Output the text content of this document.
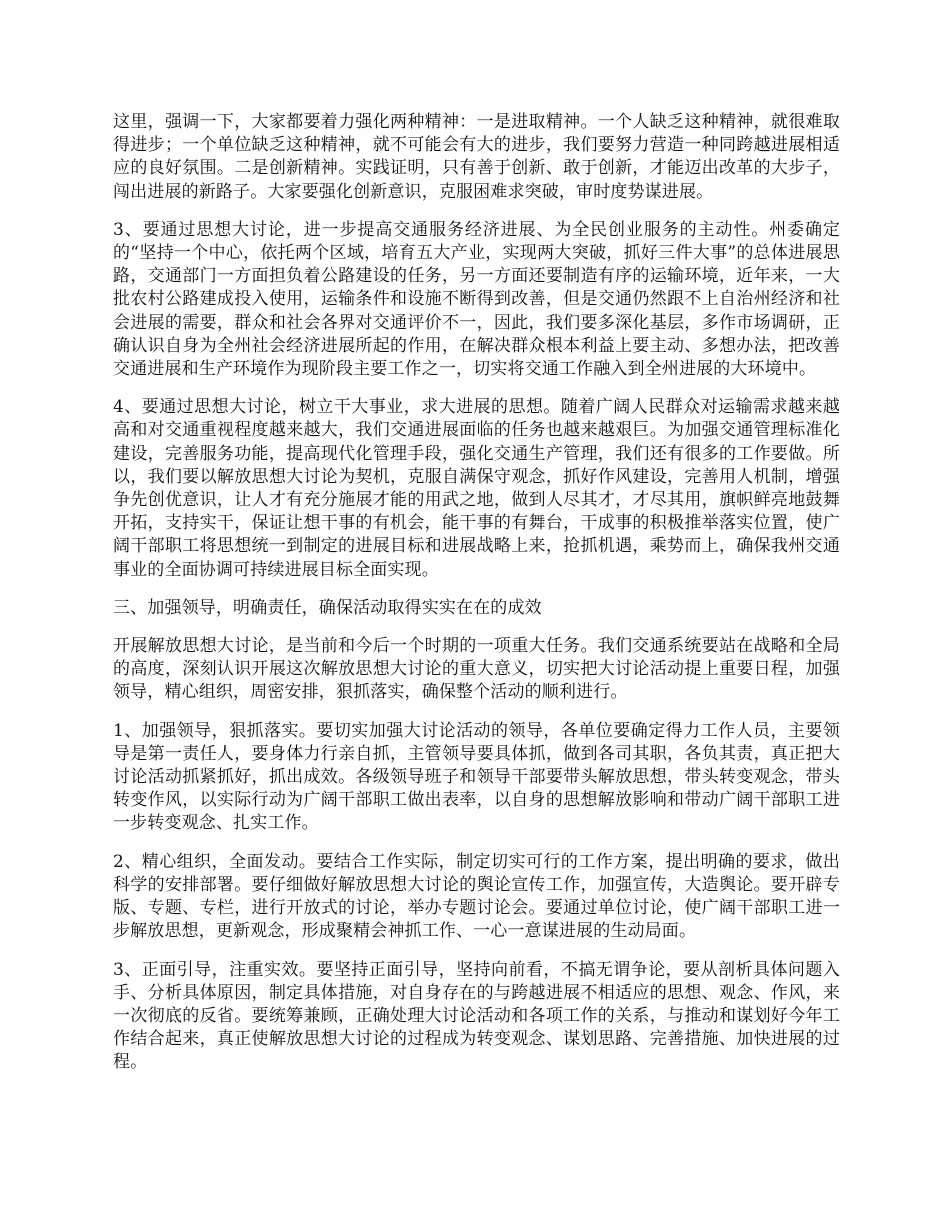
这里，强调一下，大家都要着力强化两种精神：一是进取精神。一个人缺乏这种精神，就很难取得进步；一个单位缺乏这种精神，就不可能会有大的进步，我们要努力营造一种同跨越进展相适应的良好氛围。二是创新精神。实践证明，只有善于创新、敢于创新，才能迈出改革的大步子，闯出进展的新路子。大家要强化创新意识，克服困难求突破，审时度势谋进展。

3、要通过思想大讨论，进一步提高交通服务经济进展、为全民创业服务的主动性。州委确定的“坚持一个中心，依托两个区域，培育五大产业，实现两大突破，抓好三件大事”的总体进展思路，交通部门一方面担负着公路建设的任务，另一方面还要制造有序的运输环境，近年来，一大批农村公路建成投入使用，运输条件和设施不断得到改善，但是交通仍然跟不上自治州经济和社会进展的需要，群众和社会各界对交通评价不一，因此，我们要多深化基层，多作市场调研，正确认识自身为全州社会经济进展所起的作用，在解决群众根本利益上要主动、多想办法，把改善交通进展和生产环境作为现阶段主要工作之一，切实将交通工作融入到全州进展的大环境中。

4、要通过思想大讨论，树立干大事业，求大进展的思想。随着广阔人民群众对运输需求越来越高和对交通重视程度越来越大，我们交通进展面临的任务也越来越艰巨。为加强交通管理标准化建设，完善服务功能，提高现代化管理手段，强化交通生产管理，我们还有很多的工作要做。所以，我们要以解放思想大讨论为契机，克服自满保守观念，抓好作风建设，完善用人机制，增强争先创优意识，让人才有充分施展才能的用武之地，做到人尽其才，才尽其用，旗帜鲜亮地鼓舞开拓，支持实干，保证让想干事的有机会，能干事的有舞台，干成事的积极推举落实位置，使广阔干部职工将思想统一到制定的进展目标和进展战略上来，抢抓机遇，乘势而上，确保我州交通事业的全面协调可持续进展目标全面实现。

三、加强领导，明确责任，确保活动取得实实在在的成效

开展解放思想大讨论，是当前和今后一个时期的一项重大任务。我们交通系统要站在战略和全局的高度，深刻认识开展这次解放思想大讨论的重大意义，切实把大讨论活动提上重要日程，加强领导，精心组织，周密安排，狠抓落实，确保整个活动的顺利进行。

1、加强领导，狠抓落实。要切实加强大讨论活动的领导，各单位要确定得力工作人员，主要领导是第一责任人，要身体力行亲自抓，主管领导要具体抓，做到各司其职，各负其责，真正把大讨论活动抓紧抓好，抓出成效。各级领导班子和领导干部要带头解放思想，带头转变观念，带头转变作风，以实际行动为广阔干部职工做出表率，以自身的思想解放影响和带动广阔干部职工进一步转变观念、扎实工作。

2、精心组织，全面发动。要结合工作实际，制定切实可行的工作方案，提出明确的要求，做出科学的安排部署。要仔细做好解放思想大讨论的舆论宣传工作，加强宣传，大造舆论。要开辟专版、专题、专栏，进行开放式的讨论，举办专题讨论会。要通过单位讨论，使广阔干部职工进一步解放思想，更新观念，形成聚精会神抓工作、一心一意谋进展的生动局面。

3、正面引导，注重实效。要坚持正面引导，坚持向前看，不搞无谓争论，要从剖析具体问题入手、分析具体原因，制定具体措施，对自身存在的与跨越进展不相适应的思想、观念、作风，来一次彻底的反省。要统筹兼顾，正确处理大讨论活动和各项工作的关系，与推动和谋划好今年工作结合起来，真正使解放思想大讨论的过程成为转变观念、谋划思路、完善措施、加快进展的过程。
